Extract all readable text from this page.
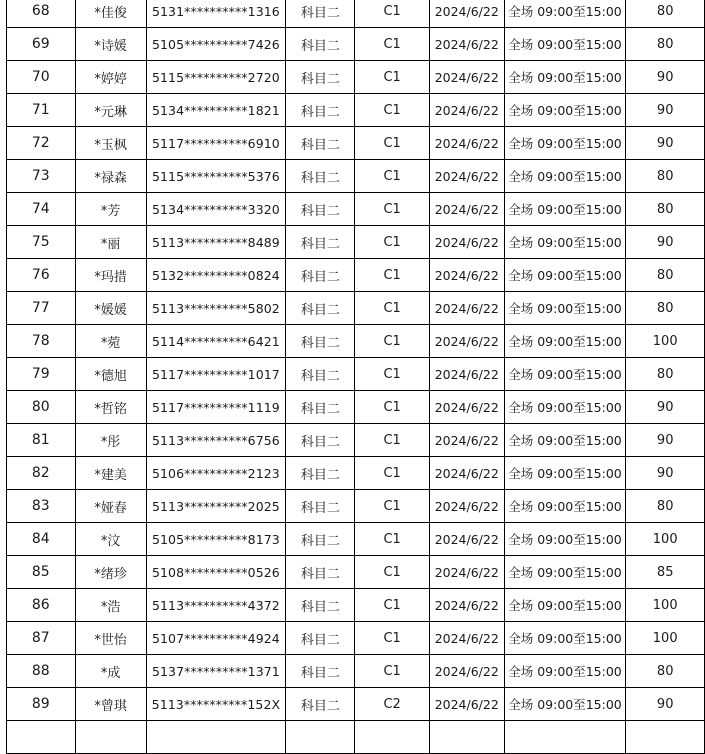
68	*佳俊	5131**********1316	科目二	C1	2024/6/22	全场 09:00至15:00	80
69	*诗媛	5105**********7426	科目二	C1	2024/6/22	全场 09:00至15:00	80
70	*婷婷	5115**********2720	科目二	C1	2024/6/22	全场 09:00至15:00	90
71	*元琳	5134**********1821	科目二	C1	2024/6/22	全场 09:00至15:00	90
72	*玉枫	5117**********6910	科目二	C1	2024/6/22	全场 09:00至15:00	90
73	*禄森	5115**********5376	科目二	C1	2024/6/22	全场 09:00至15:00	80
74	*芳	5134**********3320	科目二	C1	2024/6/22	全场 09:00至15:00	80
75	*丽	5113**********8489	科目二	C1	2024/6/22	全场 09:00至15:00	90
76	*玛措	5132**********0824	科目二	C1	2024/6/22	全场 09:00至15:00	80
77	*媛媛	5113**********5802	科目二	C1	2024/6/22	全场 09:00至15:00	80
78	*菀	5114**********6421	科目二	C1	2024/6/22	全场 09:00至15:00	100
79	*德旭	5117**********1017	科目二	C1	2024/6/22	全场 09:00至15:00	80
80	*哲铭	5117**********1119	科目二	C1	2024/6/22	全场 09:00至15:00	90
81	*彤	5113**********6756	科目二	C1	2024/6/22	全场 09:00至15:00	90
82	*建美	5106**********2123	科目二	C1	2024/6/22	全场 09:00至15:00	90
83	*娅春	5113**********2025	科目二	C1	2024/6/22	全场 09:00至15:00	80
84	*汶	5105**********8173	科目二	C1	2024/6/22	全场 09:00至15:00	100
85	*绪珍	5108**********0526	科目二	C1	2024/6/22	全场 09:00至15:00	85
86	*浩	5113**********4372	科目二	C1	2024/6/22	全场 09:00至15:00	100
87	*世怡	5107**********4924	科目二	C1	2024/6/22	全场 09:00至15:00	100
88	*成	5137**********1371	科目二	C1	2024/6/22	全场 09:00至15:00	80
89	*曾琪	5113**********152X	科目二	C2	2024/6/22	全场 09:00至15:00	90
